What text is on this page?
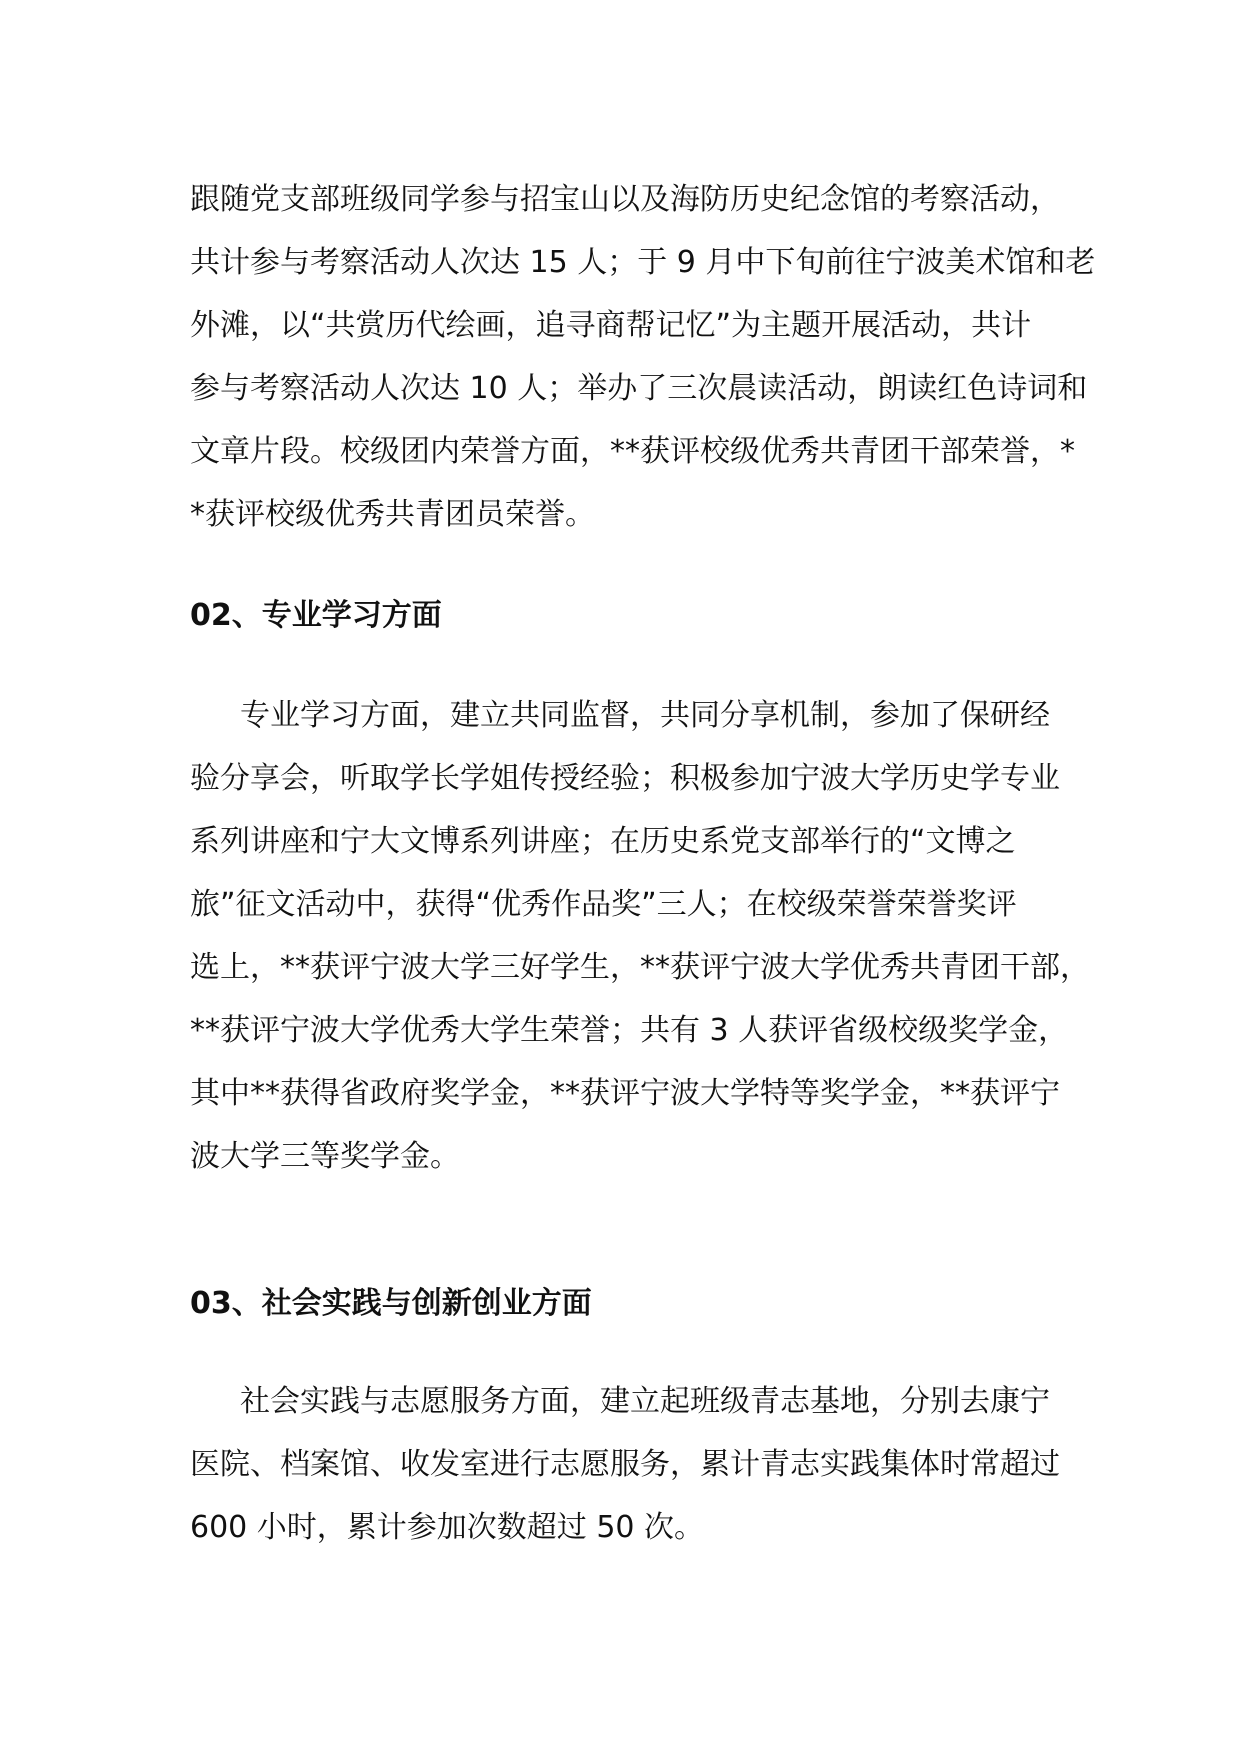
跟随党支部班级同学参与招宝山以及海防历史纪念馆的考察活动，
共计参与考察活动人次达 15 人；于 9 月中下旬前往宁波美术馆和老
外滩，以“共赏历代绘画，追寻商帮记忆”为主题开展活动，共计
参与考察活动人次达 10 人；举办了三次晨读活动，朗读红色诗词和
文章片段。校级团内荣誉方面，**获评校级优秀共青团干部荣誉，*
*获评校级优秀共青团员荣誉。
02、专业学习方面
专业学习方面，建立共同监督，共同分享机制，参加了保研经
验分享会，听取学长学姐传授经验；积极参加宁波大学历史学专业
系列讲座和宁大文博系列讲座；在历史系党支部举行的“文博之
旅”征文活动中，获得“优秀作品奖”三人；在校级荣誉荣誉奖评
选上，**获评宁波大学三好学生，**获评宁波大学优秀共青团干部，
**获评宁波大学优秀大学生荣誉；共有 3 人获评省级校级奖学金，
其中**获得省政府奖学金，**获评宁波大学特等奖学金，**获评宁
波大学三等奖学金。
03、社会实践与创新创业方面
社会实践与志愿服务方面，建立起班级青志基地，分别去康宁
医院、档案馆、收发室进行志愿服务，累计青志实践集体时常超过
600 小时，累计参加次数超过 50 次。
